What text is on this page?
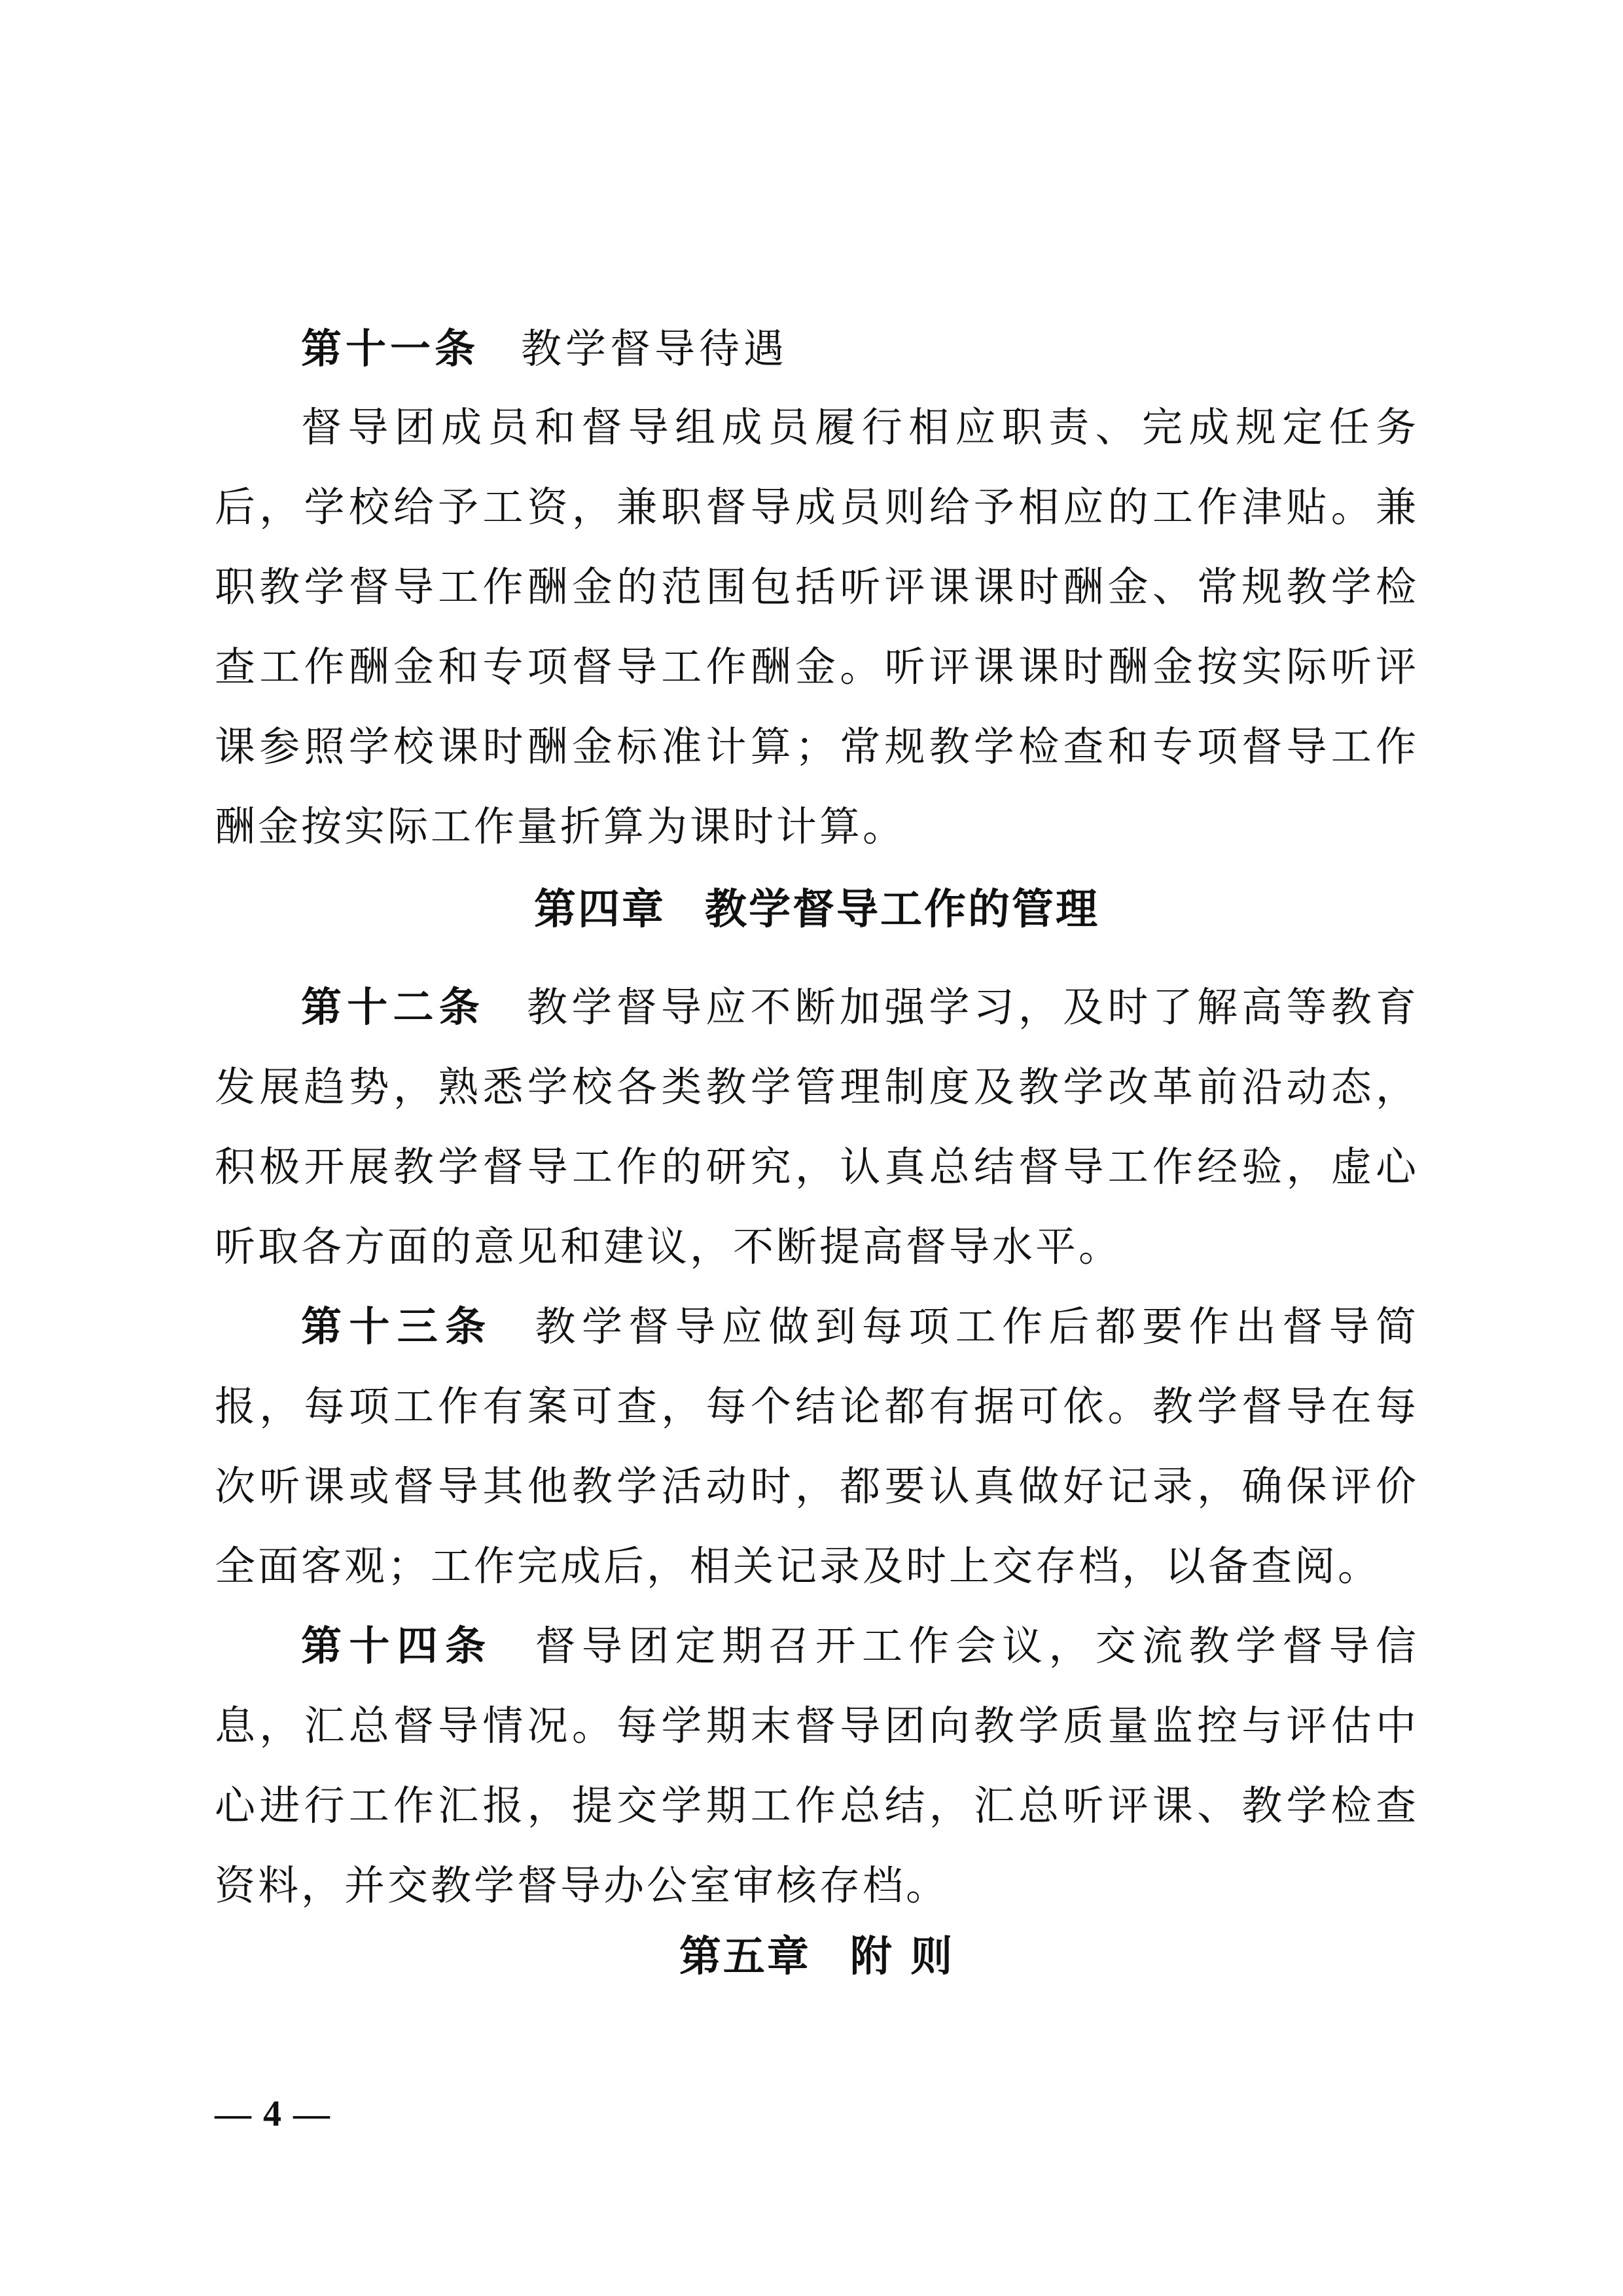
第十一条 教学督导待遇
督导团成员和督导组成员履行相应职责、完成规定任务后，学校给予工资，兼职督导成员则给予相应的工作津贴。兼职教学督导工作酬金的范围包括听评课课时酬金、常规教学检查工作酬金和专项督导工作酬金。听评课课时酬金按实际听评课参照学校课时酬金标准计算；常规教学检查和专项督导工作酬金按实际工作量折算为课时计算。
第四章 教学督导工作的管理
第十二条 教学督导应不断加强学习，及时了解高等教育发展趋势，熟悉学校各类教学管理制度及教学改革前沿动态，积极开展教学督导工作的研究，认真总结督导工作经验，虚心听取各方面的意见和建议，不断提高督导水平。
第十三条 教学督导应做到每项工作后都要作出督导简报，每项工作有案可查，每个结论都有据可依。教学督导在每次听课或督导其他教学活动时，都要认真做好记录，确保评价全面客观；工作完成后，相关记录及时上交存档，以备查阅。
第十四条 督导团定期召开工作会议，交流教学督导信息，汇总督导情况。每学期末督导团向教学质量监控与评估中心进行工作汇报，提交学期工作总结，汇总听评课、教学检查资料，并交教学督导办公室审核存档。
第五章 附 则
— 4 —
